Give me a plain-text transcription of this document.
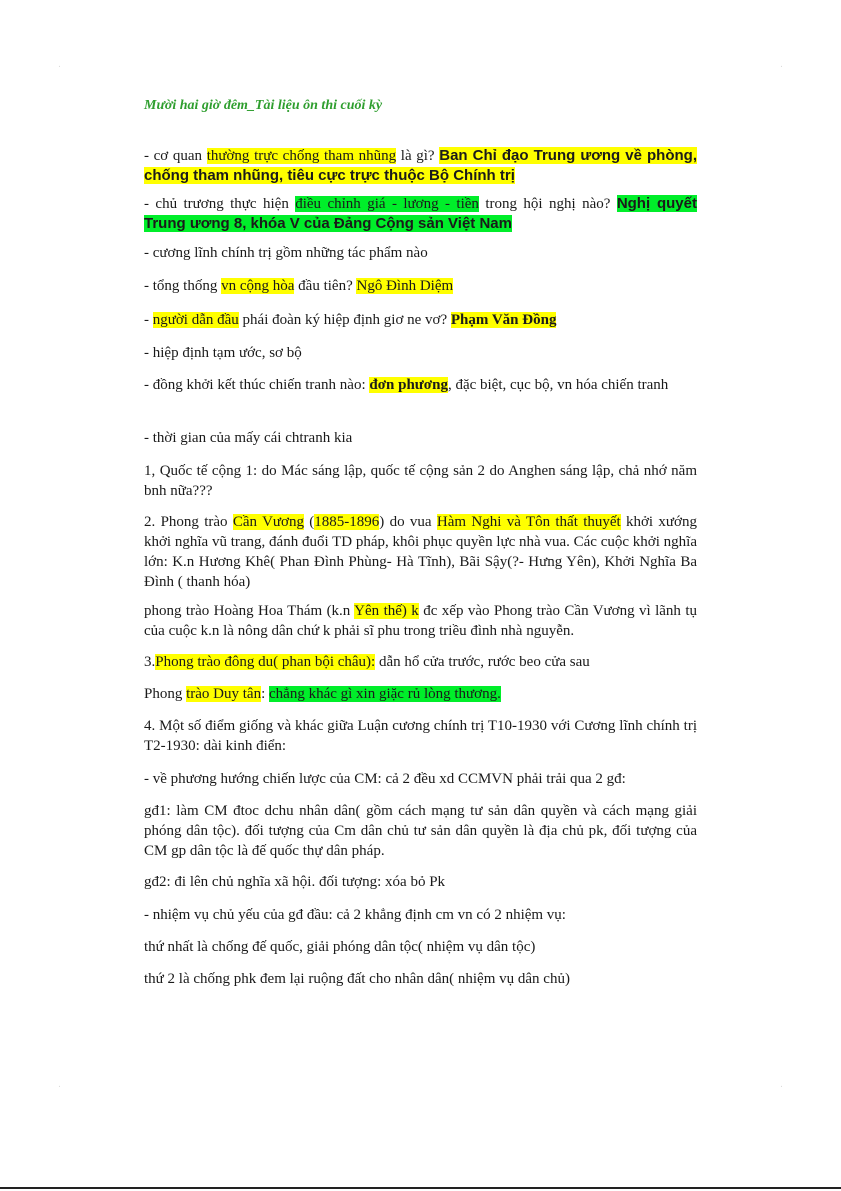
.	.
.	.
Mười hai giờ đêm_Tài liệu ôn thi cuối kỳ
- cơ quan thường trực chống tham nhũng là gì? Ban Chỉ đạo Trung ương về phòng, chống tham nhũng, tiêu cực trực thuộc Bộ Chính trị
- chủ trương thực hiện điều chỉnh giá - lương - tiền trong hội nghị nào? Nghị quyết Trung ương 8, khóa V của Đảng Cộng sản Việt Nam
- cương lĩnh chính trị gồm những tác phẩm nào
- tổng thống vn cộng hòa đầu tiên? Ngô Đình Diệm
- người dẫn đầu phái đoàn ký hiệp định giơ ne vơ? Phạm Văn Đồng
- hiệp định tạm ước, sơ bộ
- đồng khởi kết thúc chiến tranh nào: đơn phương, đặc biệt, cục bộ, vn hóa chiến tranh
- thời gian của mấy cái chtranh kia
1, Quốc tế cộng 1: do Mác sáng lập, quốc tế cộng sản 2 do Anghen sáng lập, chả nhớ năm bnh nữa???
2. Phong trào Cần Vương (1885-1896) do vua Hàm Nghi và Tôn thất thuyết khởi xướng khởi nghĩa vũ trang, đánh đuổi TD pháp, khôi phục quyền lực nhà vua. Các cuộc khởi nghĩa lớn: K.n Hương Khê( Phan Đình Phùng- Hà Tĩnh), Bãi Sậy(?- Hưng Yên), Khởi Nghĩa Ba Đình ( thanh hóa)
phong trào Hoàng Hoa Thám (k.n Yên thế) k đc xếp vào Phong trào Cần Vương vì lãnh tụ của cuộc k.n là nông dân chứ k phải sĩ phu trong triều đình nhà nguyễn.
3.Phong trào đông du( phan bội châu): dẫn hổ cửa trước, rước beo cửa sau
Phong trào Duy tân: chẳng khác gì xin giặc rủ lòng thương.
4. Một số điểm giống và khác giữa Luận cương chính trị T10-1930 với Cương lĩnh chính trị T2-1930: dài kinh điển:
- về phương hướng chiến lược của CM: cả 2 đều xd CCMVN phải trải qua 2 gđ:
gđ1: làm CM đtoc dchu nhân dân( gồm cách mạng tư sản dân quyền và cách mạng giải phóng dân tộc). đối tượng của Cm dân chủ tư sản dân quyền là địa chủ pk, đối tượng của CM gp dân tộc là đế quốc thự dân pháp.
gđ2: đi lên chủ nghĩa xã hội. đối tượng: xóa bỏ Pk
- nhiệm vụ chủ yếu của gđ đầu: cả 2 khẳng định cm vn có 2 nhiệm vụ:
thứ nhất là chống đế quốc, giải phóng dân tộc( nhiệm vụ dân tộc)
thứ 2 là chống phk đem lại ruộng đất cho nhân dân( nhiệm vụ dân chủ)
